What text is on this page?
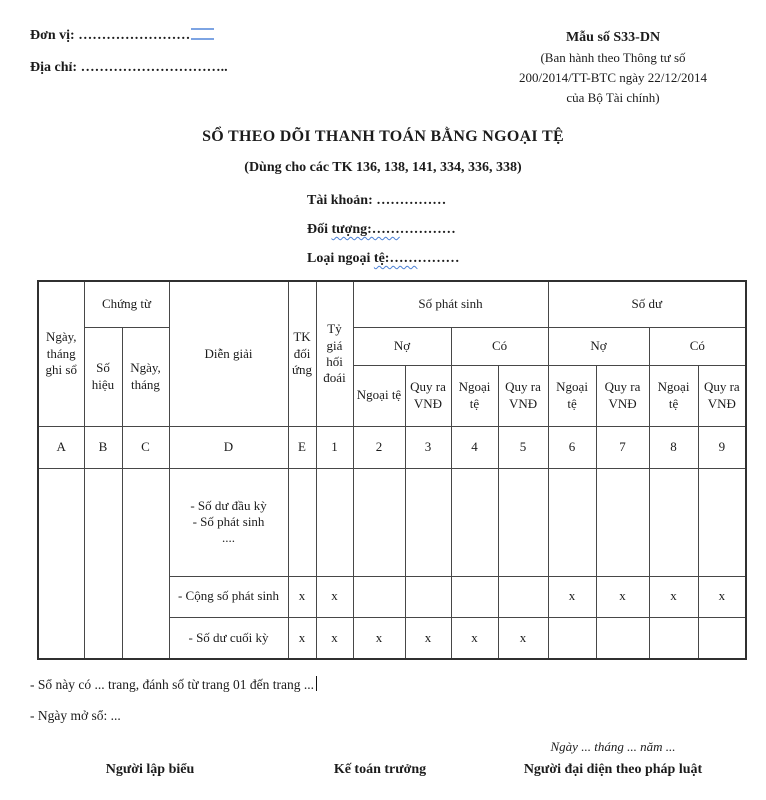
Đơn vị: ……………………
Địa chỉ: …………………………..
Mẫu số S33-DN
(Ban hành theo Thông tư số
200/2014/TT-BTC ngày 22/12/2014
của Bộ Tài chính)
SỔ THEO DÕI THANH TOÁN BẰNG NGOẠI TỆ
(Dùng cho các TK 136, 138, 141, 334, 336, 338)
Tài khoản: ……………
Đối tượng:………………
Loại ngoại tệ:……………
Ngày, tháng ghi sổ	Chứng từ		Diễn giải	TK đối ứng	Tỷ giá hối đoái	Số phát sinh				Số dư			
	Số hiệu	Ngày, tháng				Nợ		Có		Nợ		Có	
						Ngoại tệ	Quy ra VNĐ	Ngoại tệ	Quy ra VNĐ	Ngoại tệ	Quy ra VNĐ	Ngoại tệ	Quy ra VNĐ
A	B	C	D	E	1	2	3	4	5	6	7	8	9

			- Số dư đầu kỳ
- Số phát sinh
....										

			- Cộng số phát sinh	x	x					x	x	x	x
			- Số dư cuối kỳ	x	x	x	x	x	x				
- Sổ này có ... trang, đánh số từ trang 01 đến trang ...
- Ngày mở sổ: ...
Người lập biểu	Kế toán trưởng
Ngày ... tháng ... năm ...
Người đại diện theo pháp luật
